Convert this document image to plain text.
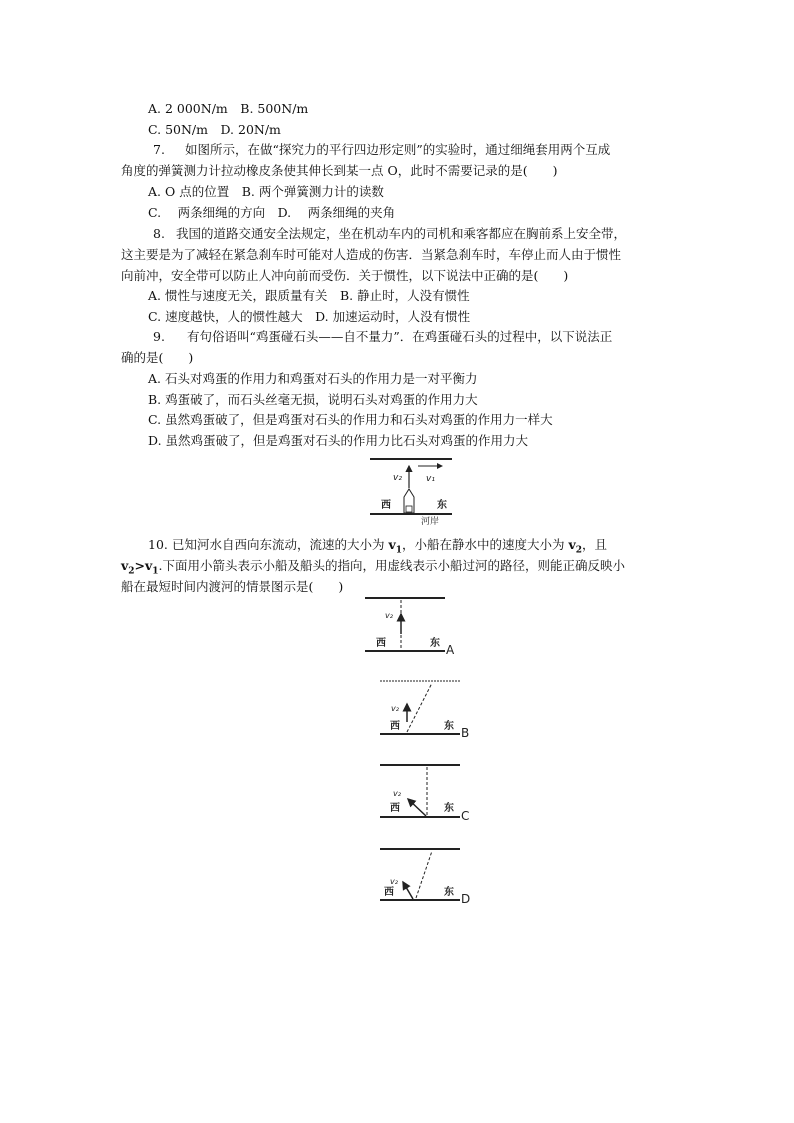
A. 2 000N/m　B. 500N/m
C. 50N/m　D. 20N/m
7. 如图所示，在做“探究力的平行四边形定则”的实验时，通过细绳套用两个互成
角度的弹簧测力计拉动橡皮条使其伸长到某一点 O，此时不需要记录的是(　　)
A. O 点的位置　B. 两个弹簧测力计的读数
C.　 两条细绳的方向　D.　 两条细绳的夹角
8. 我国的道路交通安全法规定，坐在机动车内的司机和乘客都应在胸前系上安全带，
这主要是为了减轻在紧急刹车时可能对人造成的伤害．当紧急刹车时，车停止而人由于惯性
向前冲，安全带可以防止人冲向前而受伤．关于惯性，以下说法中正确的是(　　)
A. 惯性与速度无关，跟质量有关　B. 静止时，人没有惯性
C. 速度越快，人的惯性越大　D. 加速运动时，人没有惯性
9. 有句俗语叫“鸡蛋碰石头——自不量力”．在鸡蛋碰石头的过程中，以下说法正
确的是(　　)
A. 石头对鸡蛋的作用力和鸡蛋对石头的作用力是一对平衡力
B. 鸡蛋破了，而石头丝毫无损，说明石头对鸡蛋的作用力大
C. 虽然鸡蛋破了，但是鸡蛋对石头的作用力和石头对鸡蛋的作用力一样大
D. 虽然鸡蛋破了，但是鸡蛋对石头的作用力比石头对鸡蛋的作用力大
10. 已知河水自西向东流动，流速的大小为 $v_1$，小船在静水中的速度大小为 $v_2$，且
$v_2>v_1$.下面用小箭头表示小船及船头的指向，用虚线表示小船过河的路径，则能正确反映小
船在最短时间内渡河的情景图示是(　　)
v₁
v₂
西	东
河岸
v₂
西	东 A
v₂
西	东 B
v₂
西	东
C
v₂
西	东 D
